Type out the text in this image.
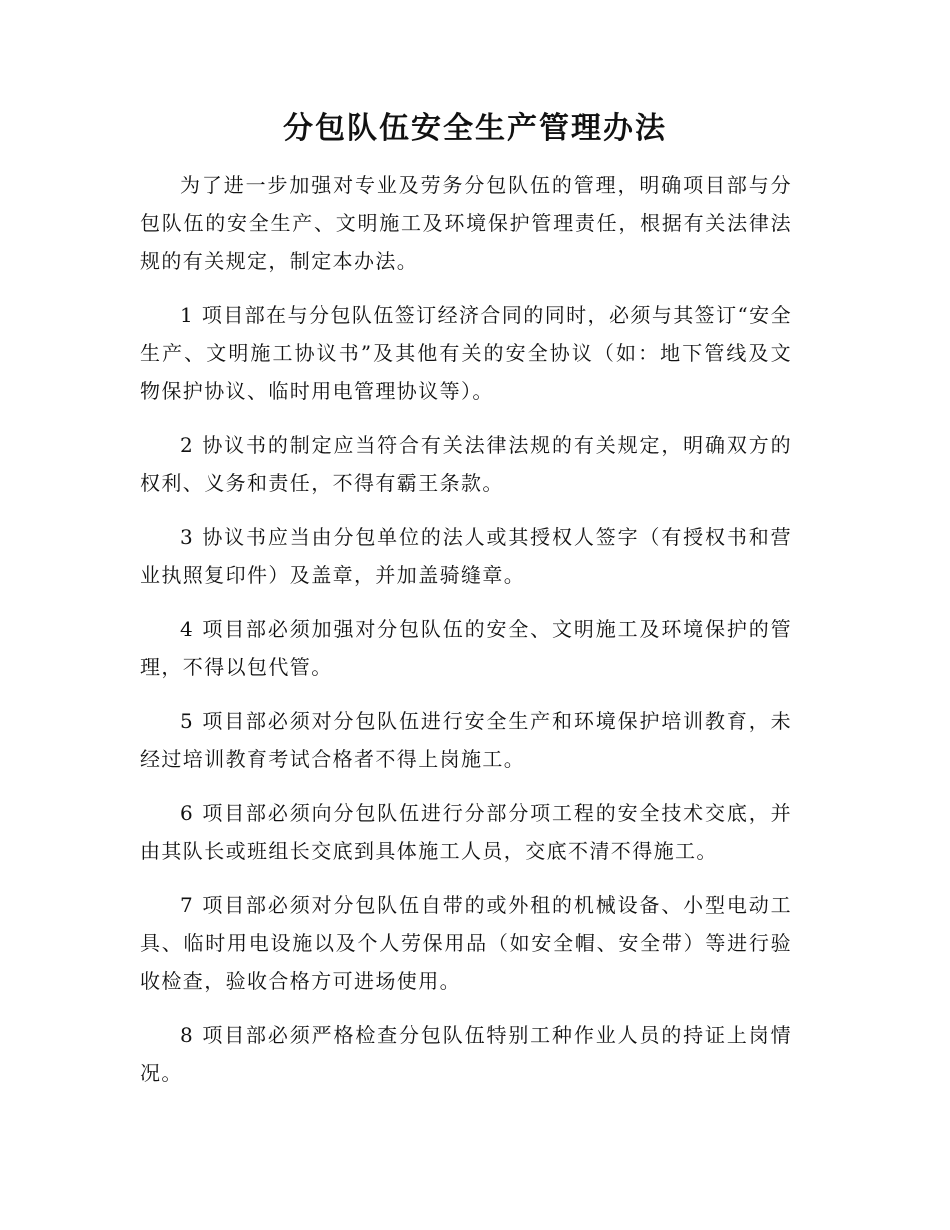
分包队伍安全生产管理办法

为了进一步加强对专业及劳务分包队伍的管理，明确项目部与分包队伍的安全生产、文明施工及环境保护管理责任，根据有关法律法规的有关规定，制定本办法。

1 项目部在与分包队伍签订经济合同的同时，必须与其签订“安全生产、文明施工协议书”及其他有关的安全协议（如：地下管线及文物保护协议、临时用电管理协议等）。

2 协议书的制定应当符合有关法律法规的有关规定，明确双方的权利、义务和责任，不得有霸王条款。

3 协议书应当由分包单位的法人或其授权人签字（有授权书和营业执照复印件）及盖章，并加盖骑缝章。

4 项目部必须加强对分包队伍的安全、文明施工及环境保护的管理，不得以包代管。

5 项目部必须对分包队伍进行安全生产和环境保护培训教育，未经过培训教育考试合格者不得上岗施工。

6 项目部必须向分包队伍进行分部分项工程的安全技术交底，并由其队长或班组长交底到具体施工人员，交底不清不得施工。

7 项目部必须对分包队伍自带的或外租的机械设备、小型电动工具、临时用电设施以及个人劳保用品（如安全帽、安全带）等进行验收检查，验收合格方可进场使用。

8 项目部必须严格检查分包队伍特别工种作业人员的持证上岗情况。
